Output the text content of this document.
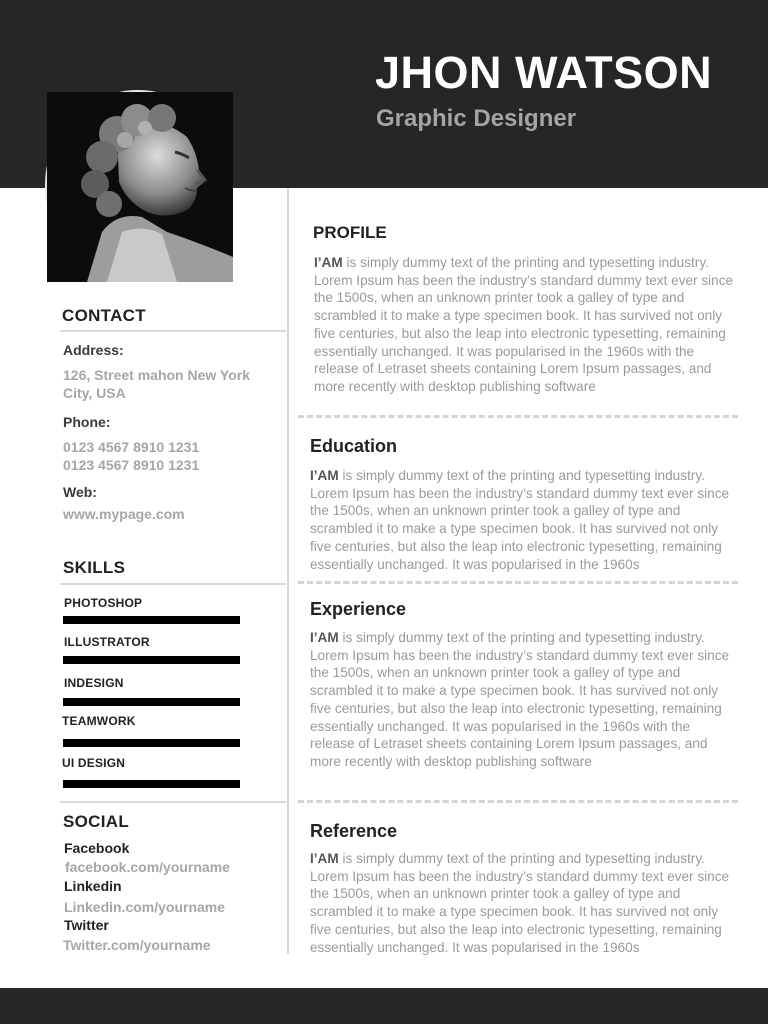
JHON WATSON
Graphic Designer
CONTACT
Address:
126, Street mahon New York
City, USA
Phone:
0123 4567 8910 1231
0123 4567 8910 1231
Web:
www.mypage.com
SKILLS
PHOTOSHOP
ILLUSTRATOR
INDESIGN
TEAMWORK
UI DESIGN
SOCIAL
Facebook
facebook.com/yourname
Linkedin
Linkedin.com/yourname
Twitter
Twitter.com/yourname
PROFILE
I’AM is simply dummy text of the printing and typesetting industry. Lorem Ipsum has been the industry’s standard dummy text ever since the 1500s, when an unknown printer took a galley of type and scrambled it to make a type specimen book. It has survived not only five centuries, but also the leap into electronic typesetting, remaining essentially unchanged. It was popularised in the 1960s with the release of Letraset sheets containing Lorem Ipsum passages, and more recently with desktop publishing software
Education
I’AM is simply dummy text of the printing and typesetting industry. Lorem Ipsum has been the industry’s standard dummy text ever since the 1500s, when an unknown printer took a galley of type and scrambled it to make a type specimen book. It has survived not only five centuries, but also the leap into electronic typesetting, remaining essentially unchanged. It was popularised in the 1960s
Experience
I’AM is simply dummy text of the printing and typesetting industry. Lorem Ipsum has been the industry’s standard dummy text ever since the 1500s, when an unknown printer took a galley of type and scrambled it to make a type specimen book. It has survived not only five centuries, but also the leap into electronic typesetting, remaining essentially unchanged. It was popularised in the 1960s with the release of Letraset sheets containing Lorem Ipsum passages, and more recently with desktop publishing software
Reference
I’AM is simply dummy text of the printing and typesetting industry. Lorem Ipsum has been the industry’s standard dummy text ever since the 1500s, when an unknown printer took a galley of type and scrambled it to make a type specimen book. It has survived not only five centuries, but also the leap into electronic typesetting, remaining essentially unchanged. It was popularised in the 1960s
